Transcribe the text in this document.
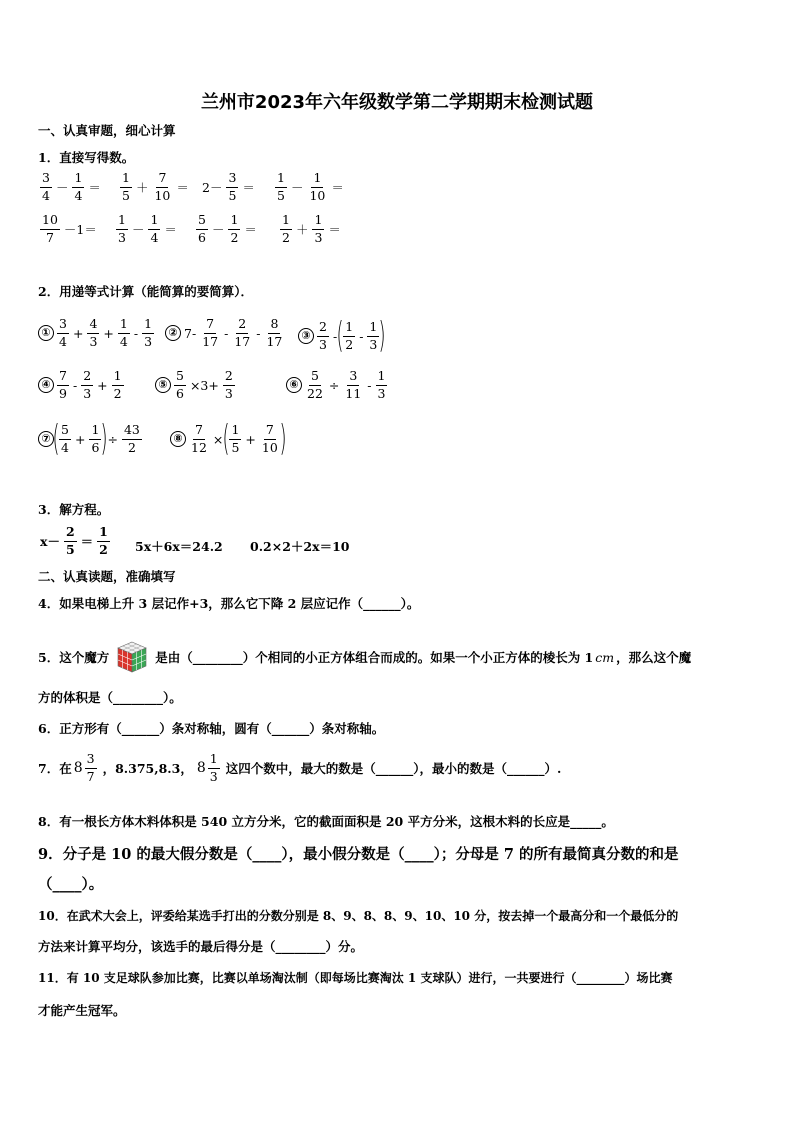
兰州市2023年六年级数学第二学期期末检测试题
一、认真审题，细心计算
1．直接写得数。
$\frac{3}{4} - \frac{1}{4} = \frac{1}{5} + \frac{7}{10} = 2- \frac{3}{5} = \frac{1}{5} - \frac{1}{10}$ ＝
$\frac{10}{7} -1= \frac{1}{3} - \frac{1}{4} = \frac{5}{6} - \frac{1}{2} = \frac{1}{2} + \frac{1}{3}$ ＝
2．用递等式计算（能简算的要简算）．
① $\frac{3}{4} + \frac{4}{3} + \frac{1}{4} - \frac{1}{3}$	② $7- \frac{7}{17} - \frac{2}{17} - \frac{8}{17}$	③ $\frac{2}{3}$ - ( $\frac{1}{2} - \frac{1}{3}$ )
④ $\frac{7}{9} - \frac{2}{3} + \frac{1}{2}$	⑤ $\frac{5}{6} \times 3+ \frac{2}{3}$	⑥ $\frac{5}{22} \div \frac{3}{11} - \frac{1}{3}$
⑦ ( $\frac{5}{4} + \frac{1}{6}$ ) ÷ $\frac{43}{2}$	⑧ $\frac{7}{12}$ × ( $\frac{1}{5} + \frac{7}{10}$ )
3．解方程。
$x- \frac{2}{5} = \frac{1}{2} 5x+6x=24.2$ 0.2×2＋2x＝10
二、认真读题，准确填写
4．如果电梯上升 3 层记作+3，那么它下降 2 层应记作（______）。
5．这个魔方	是由（________）个相同的小正方体组合而成的。如果一个小正方体的棱长为 1 cm ，那么这个魔
方的体积是（________）。
6．正方形有（______）条对称轴，圆有（______）条对称轴。
7．在 $8 \frac{3}{7}$ ，8.375,8.3， $8 \frac{1}{3}$ 这四个数中，最大的数是（______），最小的数是（______）.
8．有一根长方体木料体积是 540 立方分米，它的截面面积是 20 平方分米，这根木料的长应是_____。
9．分子是 10 的最大假分数是（____），最小假分数是（____）；分母是 7 的所有最简真分数的和是
（____）。
10．在武术大会上，评委给某选手打出的分数分别是 8、9、8、8、9、10、10 分，按去掉一个最高分和一个最低分的
方法来计算平均分，该选手的最后得分是（________）分。
11．有 10 支足球队参加比赛，比赛以单场淘汰制（即每场比赛淘汰 1 支球队）进行，一共要进行（________）场比赛
才能产生冠军。
